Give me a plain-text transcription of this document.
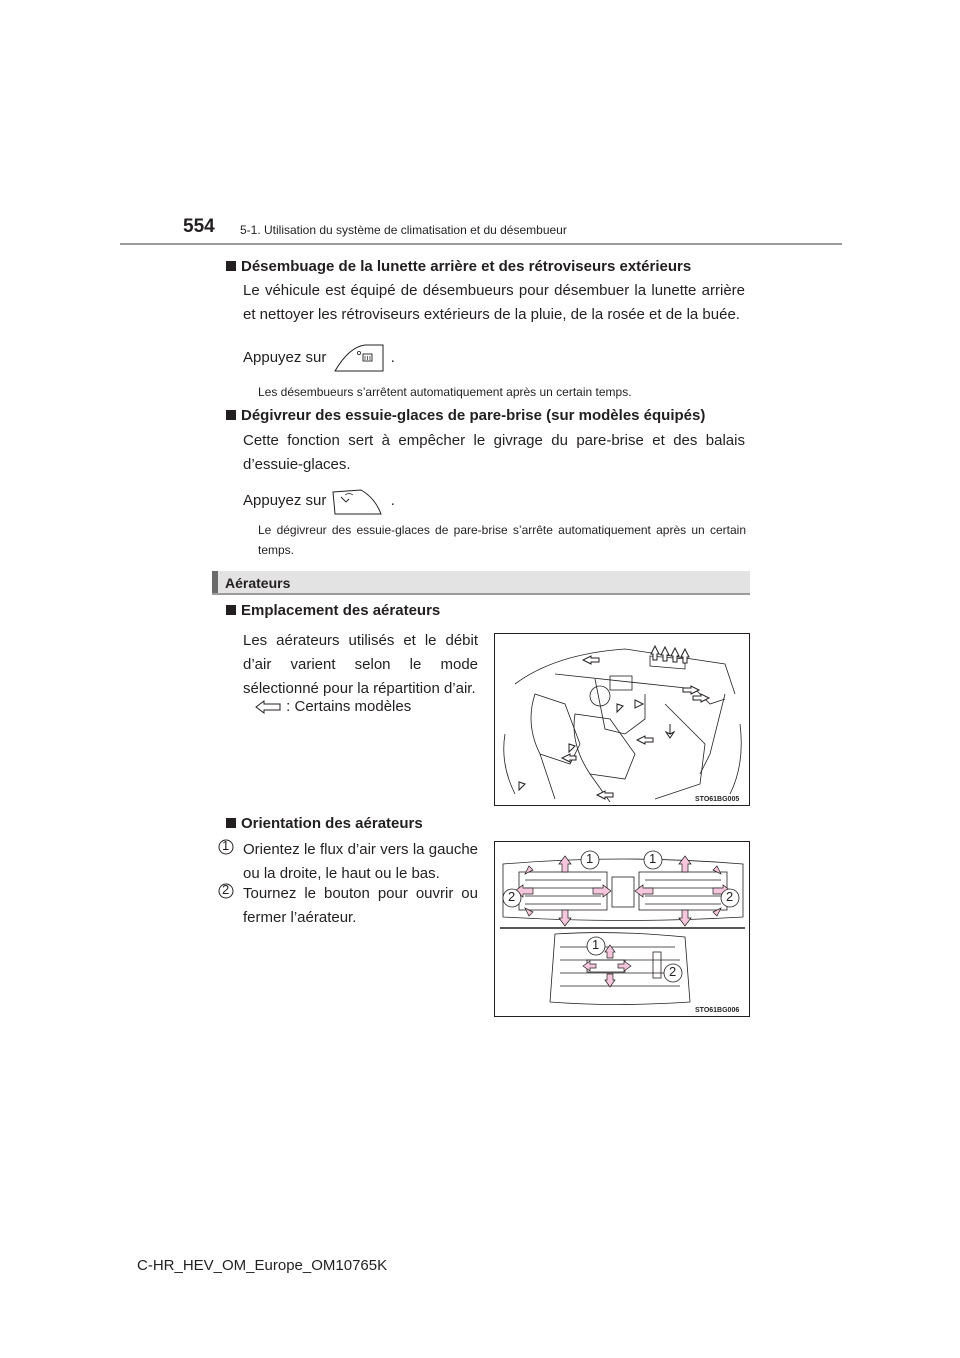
554 5-1. Utilisation du système de climatisation et du désembueur
Désembuage de la lunette arrière et des rétroviseurs extérieurs
Le véhicule est équipé de désembueurs pour désembuer la lunette arrière et nettoyer les rétroviseurs extérieurs de la pluie, de la rosée et de la buée.
Appuyez sur	.
Les désembueurs s’arrêtent automatiquement après un certain temps.
Dégivreur des essuie-glaces de pare-brise (sur modèles équipés)
Cette fonction sert à empêcher le givrage du pare-brise et des balais d’essuie-glaces.
Appuyez sur	.
Le dégivreur des essuie-glaces de pare-brise s’arrête automatiquement après un certain temps.
Aérateurs
Emplacement des aérateurs
Les aérateurs utilisés et le débit d’air varient selon le mode sélectionné pour la répartition d’air.
: Certains modèles
STO61BG005
Orientation des aérateurs
1 Orientez le flux d’air vers la gauche ou la droite, le haut ou le bas.
2 Tournez le bouton pour ouvrir ou fermer l’aérateur.
1	1
2	2
1
2
STO61BG006
C-HR_HEV_OM_Europe_OM10765K
